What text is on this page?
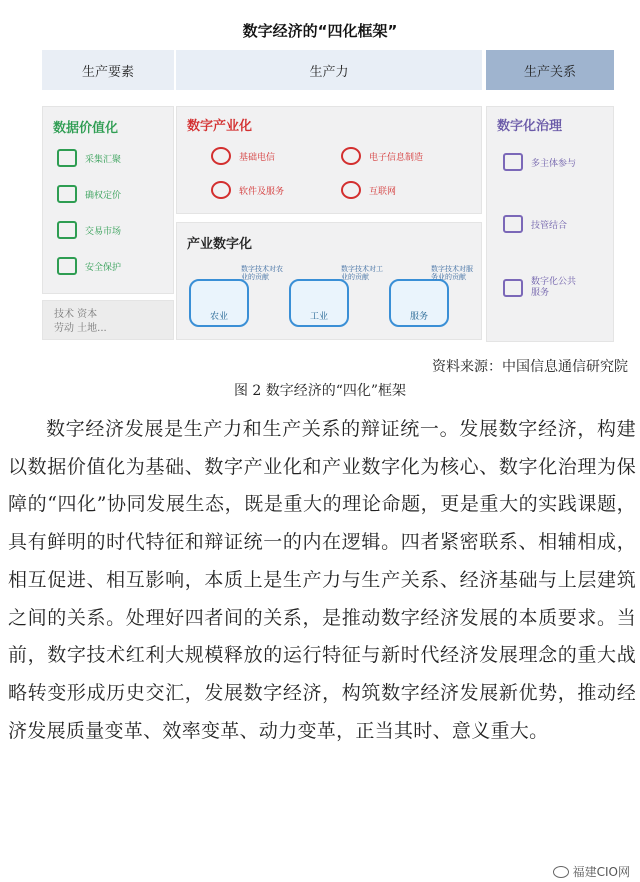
数字经济的“四化框架”
生产要素	生产力	生产关系
数据价值化
采集汇聚
确权定价
交易市场
安全保护
数字产业化
基础电信	电子信息制造
软件及服务	互联网
产业数字化
农业
数字技术对农业的贡献
工业
数字技术对工业的贡献
服务
数字技术对服务业的贡献
数字化治理
多主体参与
技管结合
数字化公共服务
技术 资本
劳动 土地...
资料来源：中国信息通信研究院
图 2 数字经济的“四化”框架

数字经济发展是生产力和生产关系的辩证统一。发展数字经济，构建以数据价值化为基础、数字产业化和产业数字化为核心、数字化治理为保障的“四化”协同发展生态，既是重大的理论命题，更是重大的实践课题，具有鲜明的时代特征和辩证统一的内在逻辑。四者紧密联系、相辅相成，相互促进、相互影响，本质上是生产力与生产关系、经济基础与上层建筑之间的关系。处理好四者间的关系，是推动数字经济发展的本质要求。当前，数字技术红利大规模释放的运行特征与新时代经济发展理念的重大战略转变形成历史交汇，发展数字经济，构筑数字经济发展新优势，推动经济发展质量变革、效率变革、动力变革，正当其时、意义重大。

福建CIO网
